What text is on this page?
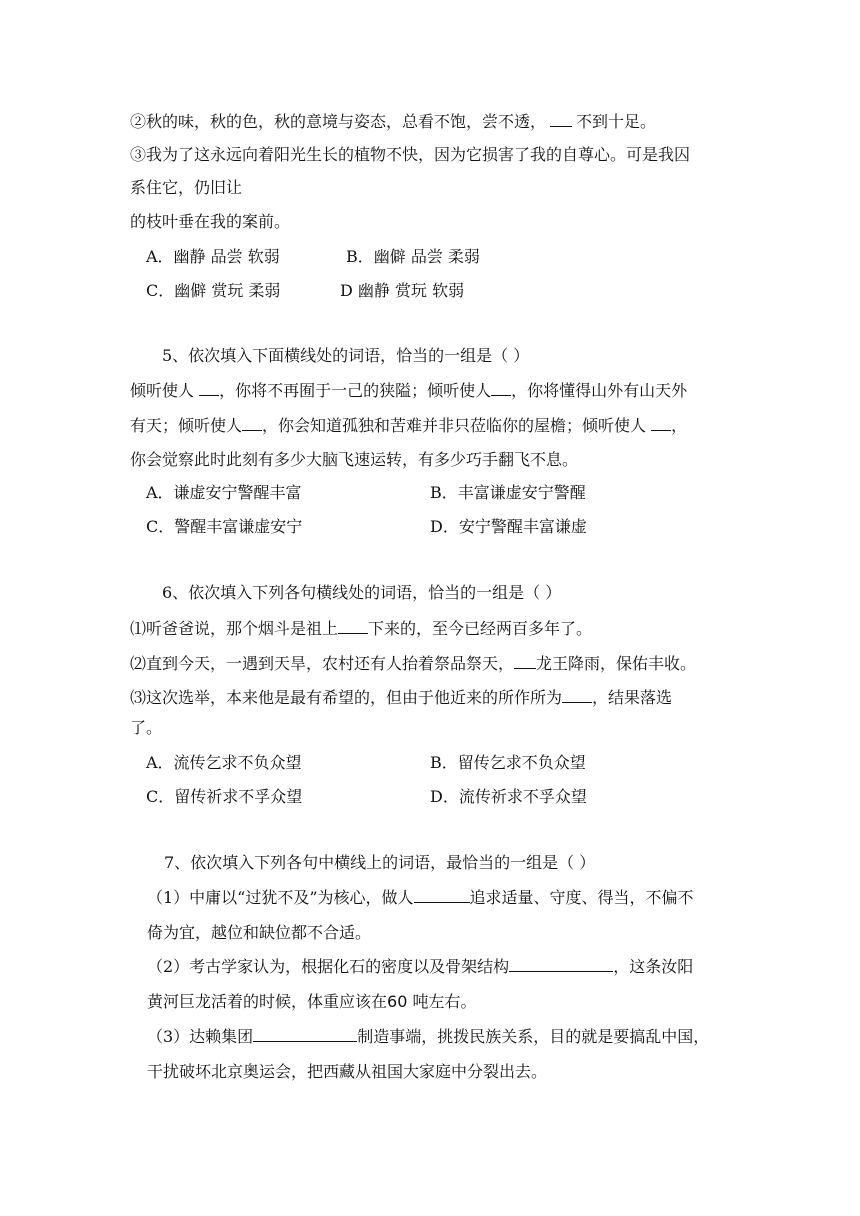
②秋的味，秋的色，秋的意境与姿态，总看不饱，尝不透， 不到十足。
③我为了这永远向着阳光生长的植物不快，因为它损害了我的自尊心。可是我囚
系住它，仍旧让
的枝叶垂在我的案前。
A．幽静 品尝 软弱	B．幽僻 品尝 柔弱
C．幽僻 赏玩 柔弱	D 幽静 赏玩 软弱
5、依次填入下面横线处的词语，恰当的一组是（ ）
倾听使人 ，你将不再囿于一己的狭隘；倾听使人 ，你将懂得山外有山天外
有天；倾听使人 ，你会知道孤独和苦难并非只莅临你的屋檐；倾听使人 ，
你会觉察此时此刻有多少大脑飞速运转，有多少巧手翻飞不息。
A．谦虚安宁警醒丰富	B．丰富谦虚安宁警醒
C．警醒丰富谦虚安宁	D．安宁警醒丰富谦虚
6、依次填入下列各句横线处的词语，恰当的一组是（ ）
⑴听爸爸说，那个烟斗是祖上 下来的，至今已经两百多年了。
⑵直到今天，一遇到天旱，农村还有人抬着祭品祭天， 龙王降雨，保佑丰收。
⑶这次选举，本来他是最有希望的，但由于他近来的所作所为 ，结果落选
了。
A．流传乞求不负众望	B．留传乞求不负众望
C．留传祈求不孚众望	D．流传祈求不孚众望
7、依次填入下列各句中横线上的词语，最恰当的一组是（ ）
（1）中庸以“过犹不及”为核心，做人	追求适量、守度、得当，不偏不
倚为宜，越位和缺位都不合适。
（2）考古学家认为，根据化石的密度以及骨架结构	，这条汝阳
黄河巨龙活着的时候，体重应该在60 吨左右。
（3）达赖集团	制造事端，挑拨民族关系，目的就是要搞乱中国，
干扰破坏北京奥运会，把西藏从祖国大家庭中分裂出去。
